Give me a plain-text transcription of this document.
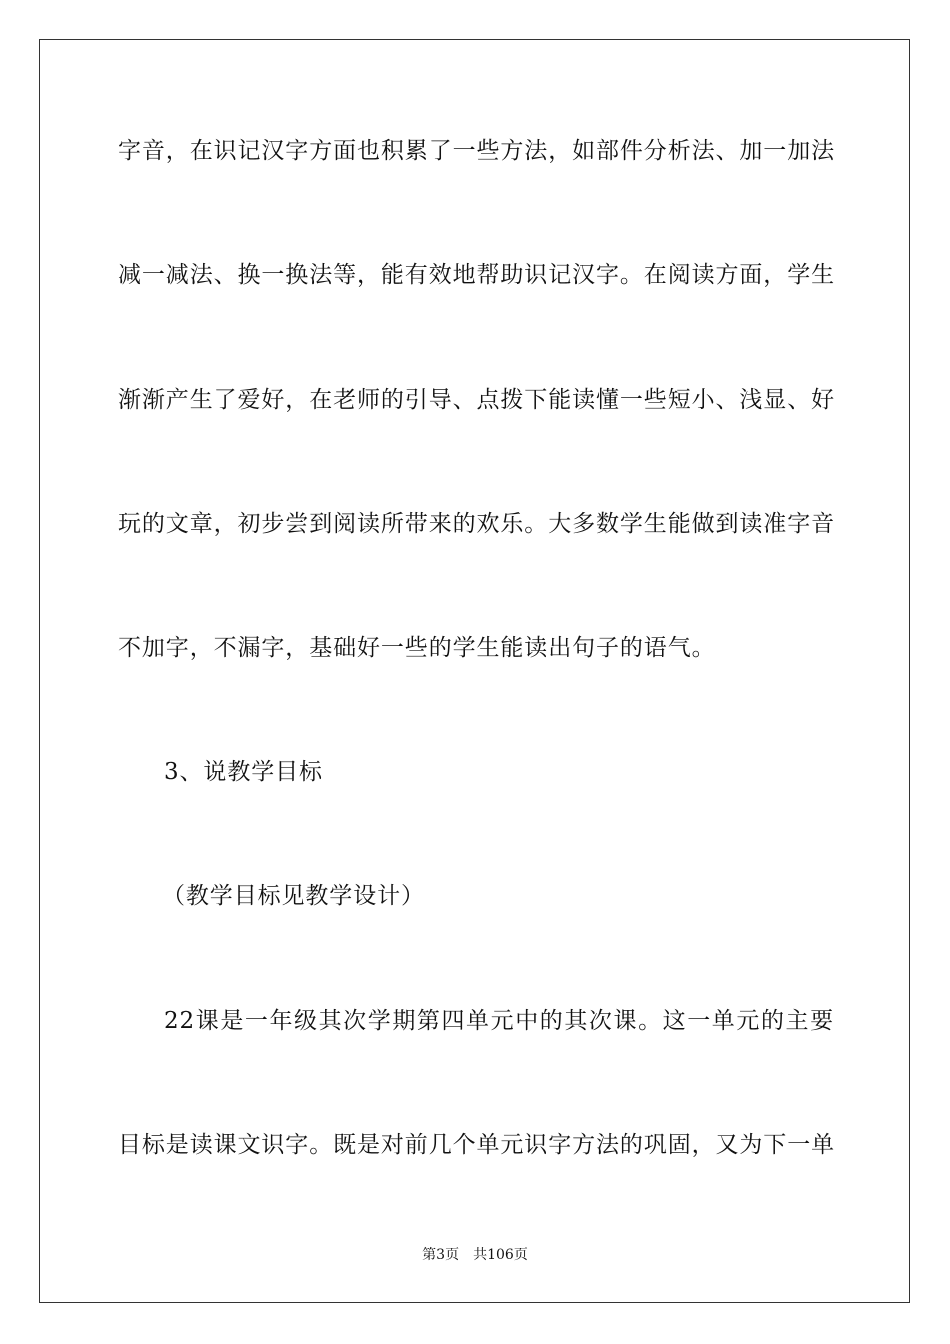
字音，在识记汉字方面也积累了一些方法，如部件分析法、加一加法
减一减法、换一换法等，能有效地帮助识记汉字。在阅读方面，学生
渐渐产生了爱好，在老师的引导、点拨下能读懂一些短小、浅显、好
玩的文章，初步尝到阅读所带来的欢乐。大多数学生能做到读准字音
不加字，不漏字，基础好一些的学生能读出句子的语气。
3、说教学目标
（教学目标见教学设计）
22课是一年级其次学期第四单元中的其次课。这一单元的主要
目标是读课文识字。既是对前几个单元识字方法的巩固，又为下一单
第3页 共106页
